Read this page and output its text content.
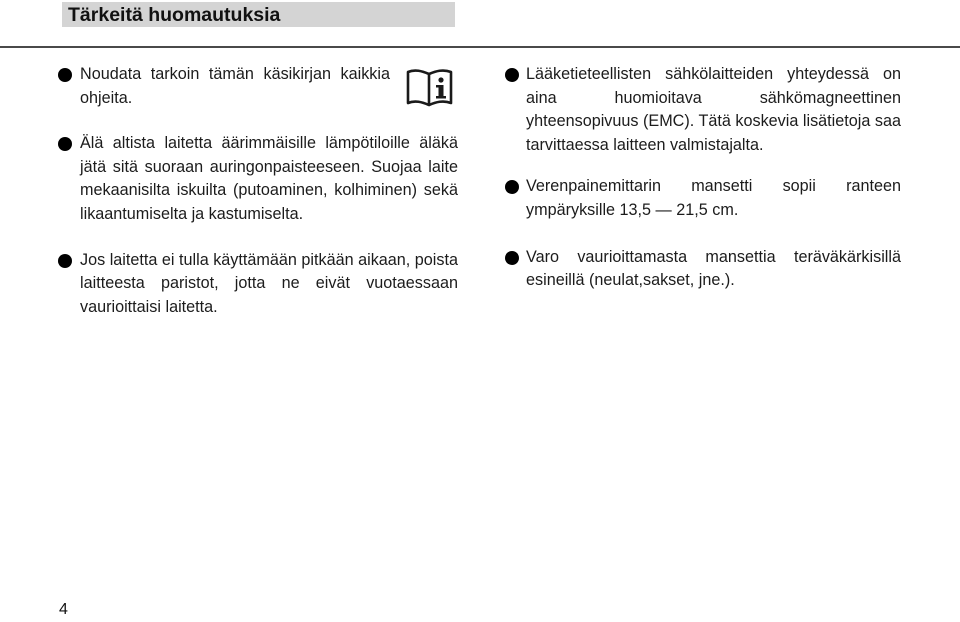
Tärkeitä huomautuksia
Noudata tarkoin tämän käsikirjan kaikkia ohjeita.
Älä altista laitetta äärimmäisille lämpötiloille äläkä jätä sitä suoraan auringonpaisteeseen. Suojaa laite mekaanisilta iskuilta (putoaminen, kolhiminen) sekä likaantumiselta ja kastumiselta.
Jos laitetta ei tulla käyttämään pitkään aikaan, poista laitteesta paristot, jotta ne eivät vuotaessaan vaurioittaisi laitetta.
Lääketieteellisten sähkölaitteiden yhteydessä on aina huomioitava sähkömagneettinen yhteensopivuus (EMC). Tätä koskevia lisätietoja saa tarvittaessa laitteen valmistajalta.
Verenpainemittarin mansetti sopii ranteen ympäryksille 13,5 — 21,5 cm.
Varo vaurioittamasta mansettia teräväkärkisillä esineillä (neulat,sakset, jne.).
4
